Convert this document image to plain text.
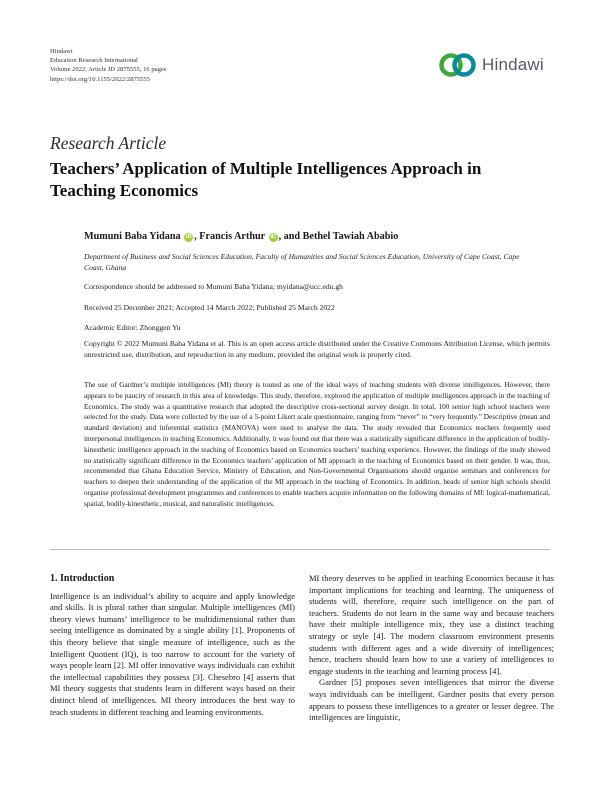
Hindawi
Education Research International
Volume 2022, Article ID 2875555, 16 pages
https://doi.org/10.1155/2022/2875555
Hindawi
Research Article
Teachers’ Application of Multiple Intelligences Approach in Teaching Economics
Mumuni Baba Yidana iD , Francis Arthur iD , and Bethel Tawiah Ababio
Department of Business and Social Sciences Education, Faculty of Humanities and Social Sciences Education, University of Cape Coast, Cape Coast, Ghana
Correspondence should be addressed to Mumuni Baba Yidana; myidana@ucc.edu.gh
Received 25 December 2021; Accepted 14 March 2022; Published 25 March 2022
Academic Editor: Zhonggen Yu
Copyright © 2022 Mumuni Baba Yidana et al. This is an open access article distributed under the Creative Commons Attribution License, which permits unrestricted use, distribution, and reproduction in any medium, provided the original work is properly cited.
The use of Gardner’s multiple intelligences (MI) theory is touted as one of the ideal ways of teaching students with diverse intelligences. However, there appears to be paucity of research in this area of knowledge. This study, therefore, explored the application of multiple intelligences approach in the teaching of Economics. The study was a quantitative research that adopted the descriptive cross-sectional survey design. In total, 100 senior high school teachers were selected for the study. Data were collected by the use of a 5-point Likert scale questionnaire, ranging from “never” to “very frequently.” Descriptive (mean and standard deviation) and inferential statistics (MANOVA) were used to analyse the data. The study revealed that Economics teachers frequently used interpersonal intelligences in teaching Economics. Additionally, it was found out that there was a statistically significant difference in the application of bodily-kinesthetic intelligence approach in the teaching of Economics based on Economics teachers’ teaching experience. However, the findings of the study showed no statistically significant difference in the Economics teachers’ application of MI approach in the teaching of Economics based on their gender. It was, thus, recommended that Ghana Education Service, Ministry of Education, and Non-Governmental Organisations should organise seminars and conferences for teachers to deepen their understanding of the application of the MI approach in the teaching of Economics. In addition, heads of senior high schools should organise professional development programmes and conferences to enable teachers acquire information on the following domains of MI: logical-mathematical, spatial, bodily-kinesthetic, musical, and naturalistic intelligences.
1. Introduction

Intelligence is an individual’s ability to acquire and apply knowledge and skills. It is plural rather than singular. Multiple intelligences (MI) theory views humans’ intelligence to be multidimensional rather than seeing intelligence as dominated by a single ability [1]. Proponents of this theory believe that single measure of intelligence, such as the Intelligent Quotient (IQ), is too narrow to account for the variety of ways people learn [2]. MI offer innovative ways individuals can exhibit the intellectual capabilities they possess [3]. Chesebro [4] asserts that MI theory suggests that students learn in different ways based on their distinct blend of intelligences. MI theory introduces the best way to teach students in different teaching and learning environments.

MI theory deserves to be applied in teaching Economics because it has important implications for teaching and learning. The uniqueness of students will, therefore, require such intelligence on the part of teachers. Students do not learn in the same way and because teachers have their multiple intelligence mix, they use a distinct teaching strategy or style [4]. The modern classroom environment presents students with different ages and a wide diversity of intelligences; hence, teachers should learn how to use a variety of intelligences to engage students in the teaching and learning process [4].

Gardner [5] proposes seven intelligences that mirror the diverse ways individuals can be intelligent. Gardner posits that every person appears to possess these intelligences to a greater or lesser degree. The intelligences are linguistic,
